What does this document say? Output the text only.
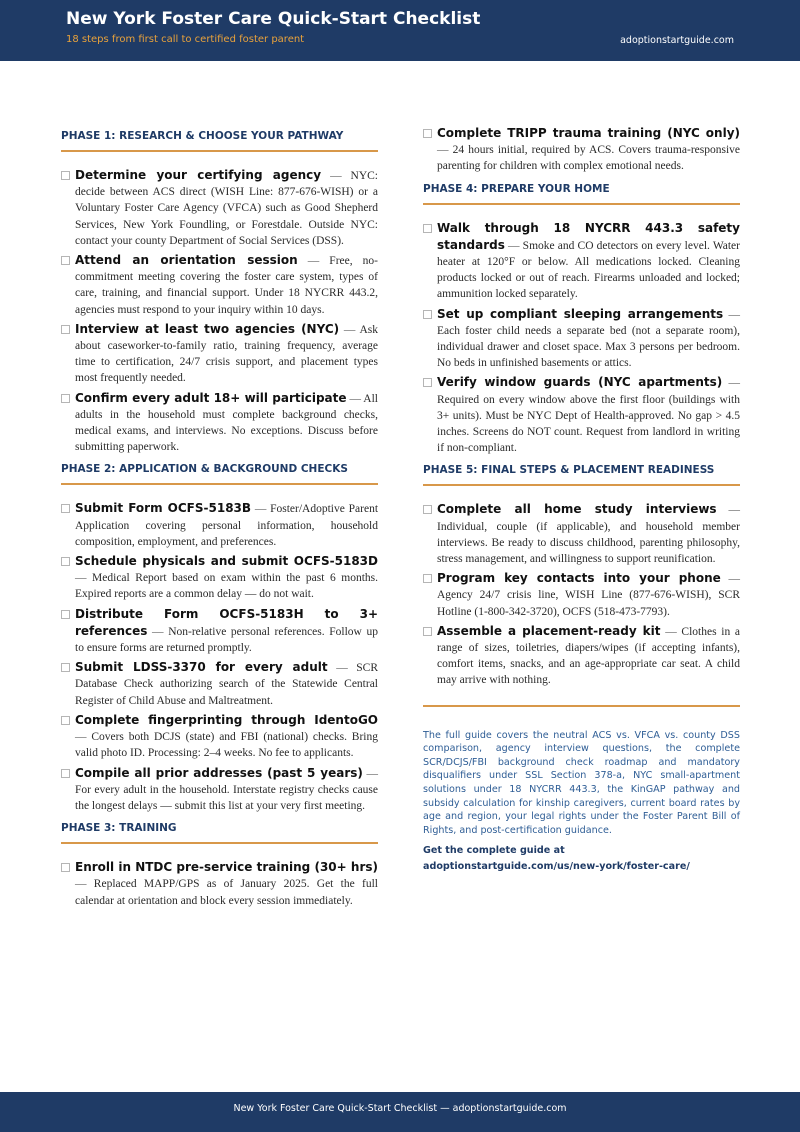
New York Foster Care Quick-Start Checklist
18 steps from first call to certified foster parent	adoptionstartguide.com
PHASE 1: RESEARCH & CHOOSE YOUR PATHWAY
Determine your certifying agency — NYC: decide between ACS direct (WISH Line: 877-676-WISH) or a Voluntary Foster Care Agency (VFCA) such as Good Shepherd Services, New York Foundling, or Forestdale. Outside NYC: contact your county Department of Social Services (DSS).
Attend an orientation session — Free, no-commitment meeting covering the foster care system, types of care, training, and financial support. Under 18 NYCRR 443.2, agencies must respond to your inquiry within 10 days.
Interview at least two agencies (NYC) — Ask about caseworker-to-family ratio, training frequency, average time to certification, 24/7 crisis support, and placement types most frequently needed.
Confirm every adult 18+ will participate — All adults in the household must complete background checks, medical exams, and interviews. No exceptions. Discuss before submitting paperwork.
PHASE 2: APPLICATION & BACKGROUND CHECKS
Submit Form OCFS-5183B — Foster/Adoptive Parent Application covering personal information, household composition, employment, and preferences.
Schedule physicals and submit OCFS-5183D — Medical Report based on exam within the past 6 months. Expired reports are a common delay — do not wait.
Distribute Form OCFS-5183H to 3+ references — Non-relative personal references. Follow up to ensure forms are returned promptly.
Submit LDSS-3370 for every adult — SCR Database Check authorizing search of the Statewide Central Register of Child Abuse and Maltreatment.
Complete fingerprinting through IdentoGO — Covers both DCJS (state) and FBI (national) checks. Bring valid photo ID. Processing: 2–4 weeks. No fee to applicants.
Compile all prior addresses (past 5 years) — For every adult in the household. Interstate registry checks cause the longest delays — submit this list at your very first meeting.
PHASE 3: TRAINING
Enroll in NTDC pre-service training (30+ hrs) — Replaced MAPP/GPS as of January 2025. Get the full calendar at orientation and block every session immediately.
Complete TRIPP trauma training (NYC only) — 24 hours initial, required by ACS. Covers trauma-responsive parenting for children with complex emotional needs.
PHASE 4: PREPARE YOUR HOME
Walk through 18 NYCRR 443.3 safety standards — Smoke and CO detectors on every level. Water heater at 120°F or below. All medications locked. Cleaning products locked or out of reach. Firearms unloaded and locked; ammunition locked separately.
Set up compliant sleeping arrangements — Each foster child needs a separate bed (not a separate room), individual drawer and closet space. Max 3 persons per bedroom. No beds in unfinished basements or attics.
Verify window guards (NYC apartments) — Required on every window above the first floor (buildings with 3+ units). Must be NYC Dept of Health-approved. No gap > 4.5 inches. Screens do NOT count. Request from landlord in writing if non-compliant.
PHASE 5: FINAL STEPS & PLACEMENT READINESS
Complete all home study interviews — Individual, couple (if applicable), and household member interviews. Be ready to discuss childhood, parenting philosophy, stress management, and willingness to support reunification.
Program key contacts into your phone — Agency 24/7 crisis line, WISH Line (877-676-WISH), SCR Hotline (1-800-342-3720), OCFS (518-473-7793).
Assemble a placement-ready kit — Clothes in a range of sizes, toiletries, diapers/wipes (if accepting infants), comfort items, snacks, and an age-appropriate car seat. A child may arrive with nothing.
The full guide covers the neutral ACS vs. VFCA vs. county DSS comparison, agency interview questions, the complete SCR/DCJS/FBI background check roadmap and mandatory disqualifiers under SSL Section 378-a, NYC small-apartment solutions under 18 NYCRR 443.3, the KinGAP pathway and subsidy calculation for kinship caregivers, current board rates by age and region, your legal rights under the Foster Parent Bill of Rights, and post-certification guidance.
Get the complete guide at
adoptionstartguide.com/us/new-york/foster-care/
New York Foster Care Quick-Start Checklist — adoptionstartguide.com
